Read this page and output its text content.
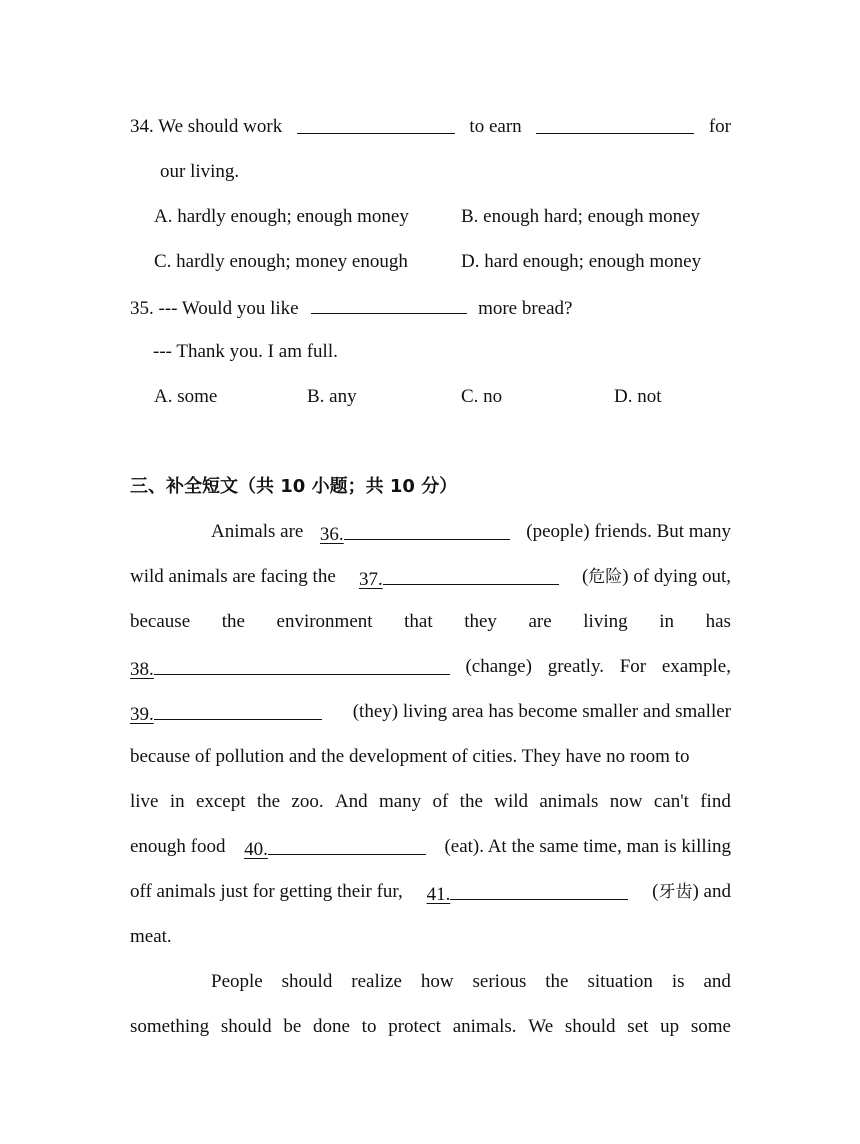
34. We should work	to earn	for
our living.
A. hardly enough; enough money	B. enough hard; enough money
C. hardly enough; money enough	D. hard enough; enough money
35. --- Would you like	more bread?
--- Thank you. I am full.
A. some	B. any	C. no	D. not
三、补全短文（共 10 小题；共 10 分）
Animals are 36.	(people) friends. But many
wild animals are facing the 37.	(危险) of dying out,
because the environment that they are living in has
38.	(change) greatly. For example,
39.	(they) living area has become smaller and smaller
because of pollution and the development of cities. They have no room to
live in except the zoo. And many of the wild animals now can't find
enough food 40.	(eat). At the same time, man is killing
off animals just for getting their fur, 41.	(牙齿) and
meat.
People should realize how serious the situation is and
something should be done to protect animals. We should set up some
